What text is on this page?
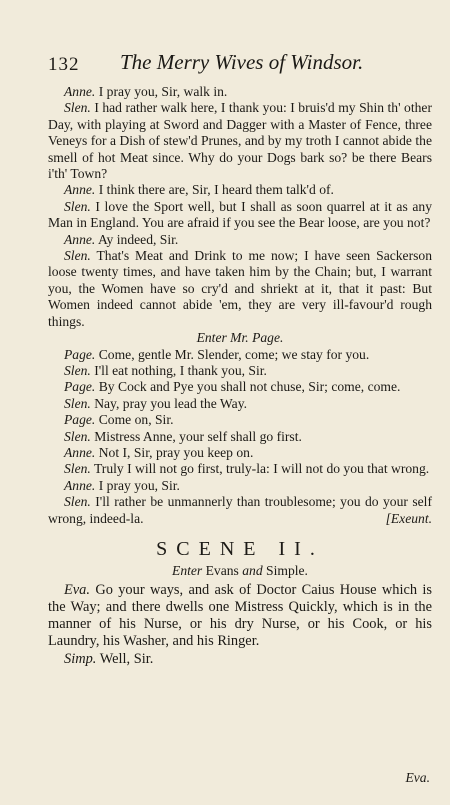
132 The Merry Wives of Windsor.

Anne. I pray you, Sir, walk in.

Slen. I had rather walk here, I thank you: I bruis'd my Shin th' other Day, with playing at Sword and Dagger with a Master of Fence, three Veneys for a Dish of stew'd Prunes, and by my troth I cannot abide the smell of hot Meat since. Why do your Dogs bark so? be there Bears i'th' Town?

Anne. I think there are, Sir, I heard them talk'd of.

Slen. I love the Sport well, but I shall as soon quarrel at it as any Man in England. You are afraid if you see the Bear loose, are you not?

Anne. Ay indeed, Sir.

Slen. That's Meat and Drink to me now; I have seen Sackerson loose twenty times, and have taken him by the Chain; but, I warrant you, the Women have so cry'd and shriekt at it, that it past: But Women indeed cannot abide 'em, they are very ill-favour'd rough things.

Enter Mr. Page.

Page. Come, gentle Mr. Slender, come; we stay for you.

Slen. I'll eat nothing, I thank you, Sir.

Page. By Cock and Pye you shall not chuse, Sir; come, come.

Slen. Nay, pray you lead the Way.

Page. Come on, Sir.

Slen. Mistress Anne, your self shall go first.

Anne. Not I, Sir, pray you keep on.

Slen. Truly I will not go first, truly-la: I will not do you that wrong.

Anne. I pray you, Sir.

Slen. I'll rather be unmannerly than troublesome; you do your self wrong, indeed-la.	[Exeunt.

SCENE II.

Enter Evans and Simple.

Eva. Go your ways, and ask of Doctor Caius House which is the Way; and there dwells one Mistress Quickly, which is in the manner of his Nurse, or his dry Nurse, or his Cook, or his Laundry, his Washer, and his Ringer.

Simp. Well, Sir.

Eva.
